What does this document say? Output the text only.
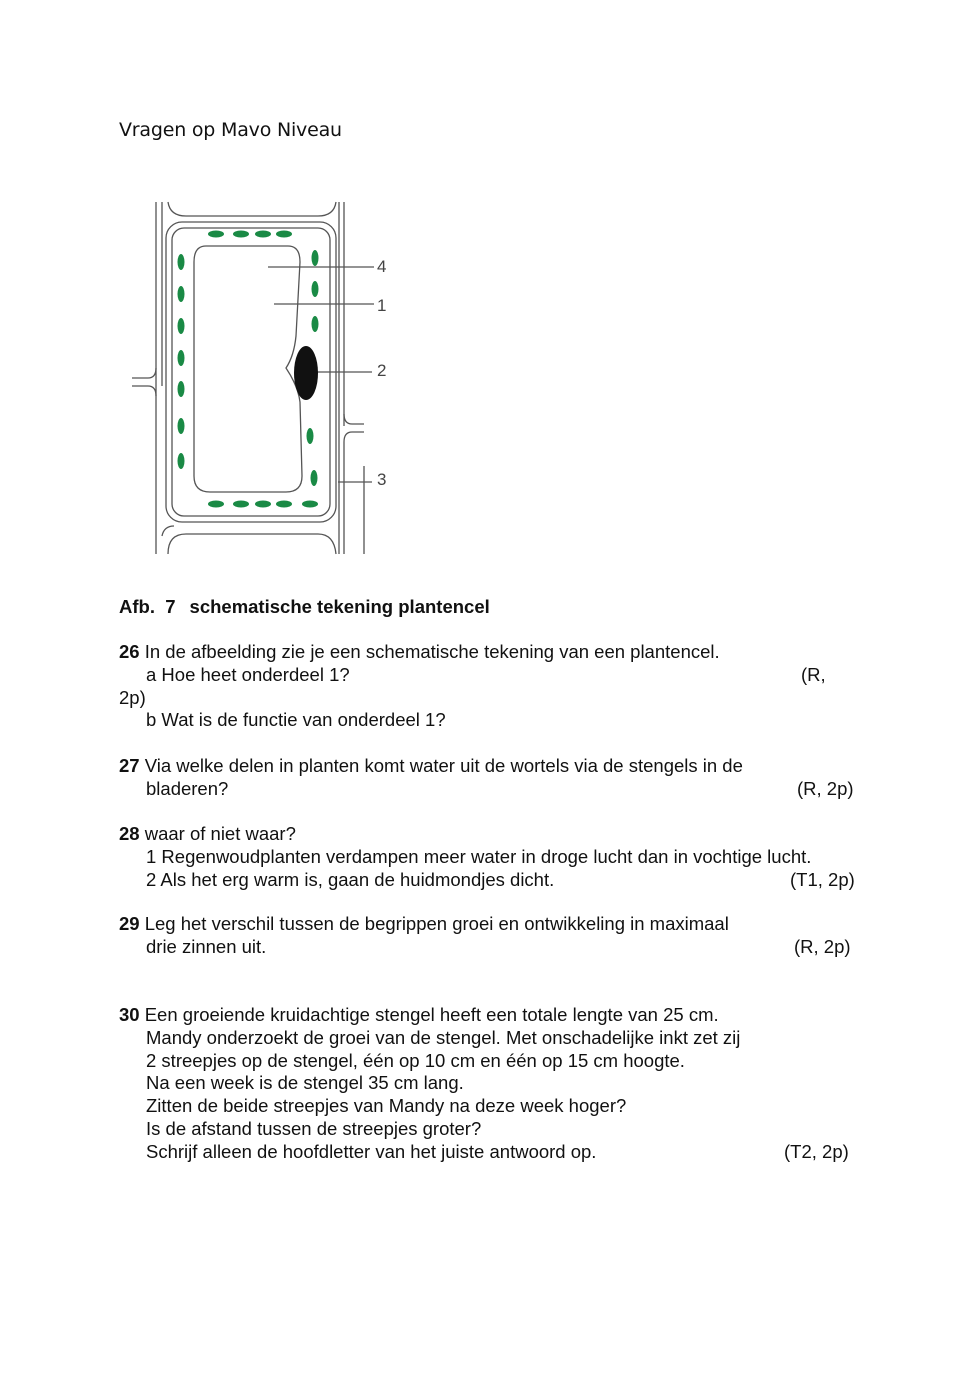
Vragen op Mavo Niveau
4
1
2
3
Afb.  7 schematische tekening plantencel
26 In de afbeelding zie je een schematische tekening van een plantencel.
a Hoe heet onderdeel 1?	(R,
2p)
b Wat is de functie van onderdeel 1?
27 Via welke delen in planten komt water uit de wortels via de stengels in de
bladeren?	(R, 2p)
28 waar of niet waar?
1 Regenwoudplanten verdampen meer water in droge lucht dan in vochtige lucht.
2 Als het erg warm is, gaan de huidmondjes dicht.	(T1, 2p)
29 Leg het verschil tussen de begrippen groei en ontwikkeling in maximaal
drie zinnen uit.	(R, 2p)
30 Een groeiende kruidachtige stengel heeft een totale lengte van 25 cm.
Mandy onderzoekt de groei van de stengel. Met onschadelijke inkt zet zij
2 streepjes op de stengel, één op 10 cm en één op 15 cm hoogte.
Na een week is de stengel 35 cm lang.
Zitten de beide streepjes van Mandy na deze week hoger?
Is de afstand tussen de streepjes groter?
Schrijf alleen de hoofdletter van het juiste antwoord op.	(T2, 2p)
